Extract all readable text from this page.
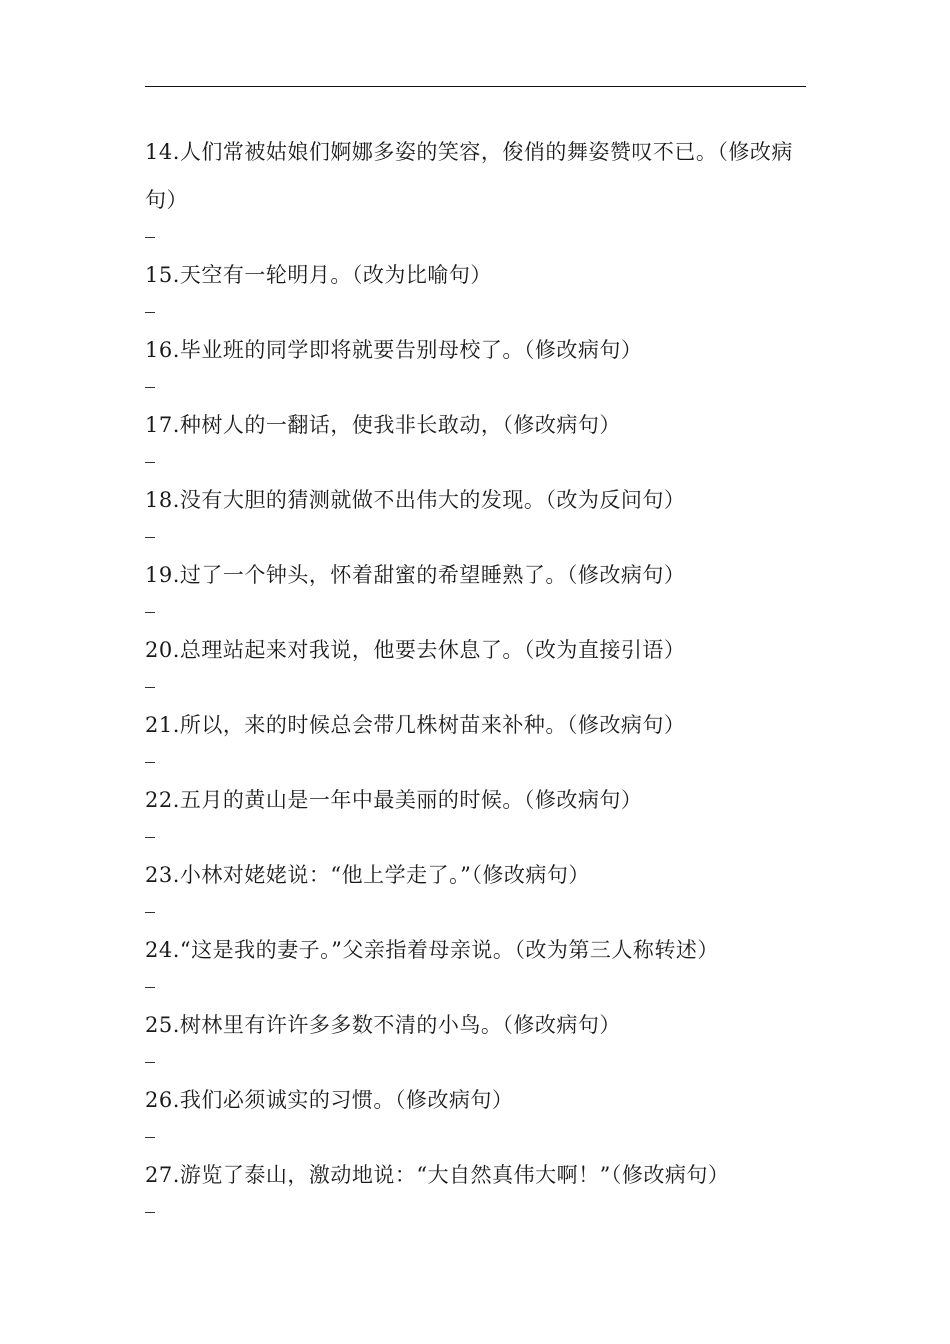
14.人们常被姑娘们婀娜多姿的笑容，俊俏的舞姿赞叹不已。（修改病句）

15.天空有一轮明月。（改为比喻句）

16.毕业班的同学即将就要告别母校了。（修改病句）

17.种树人的一翻话，使我非长敢动，（修改病句）

18.没有大胆的猜测就做不出伟大的发现。（改为反问句）

19.过了一个钟头，怀着甜蜜的希望睡熟了。（修改病句）

20.总理站起来对我说，他要去休息了。（改为直接引语）

21.所以，来的时候总会带几株树苗来补种。（修改病句）

22.五月的黄山是一年中最美丽的时候。（修改病句）

23.小林对姥姥说：“他上学走了。”（修改病句）

24.“这是我的妻子。”父亲指着母亲说。（改为第三人称转述）

25.树林里有许许多多数不清的小鸟。（修改病句）

26.我们必须诚实的习惯。（修改病句）

27.游览了泰山，激动地说：“大自然真伟大啊！”（修改病句）
